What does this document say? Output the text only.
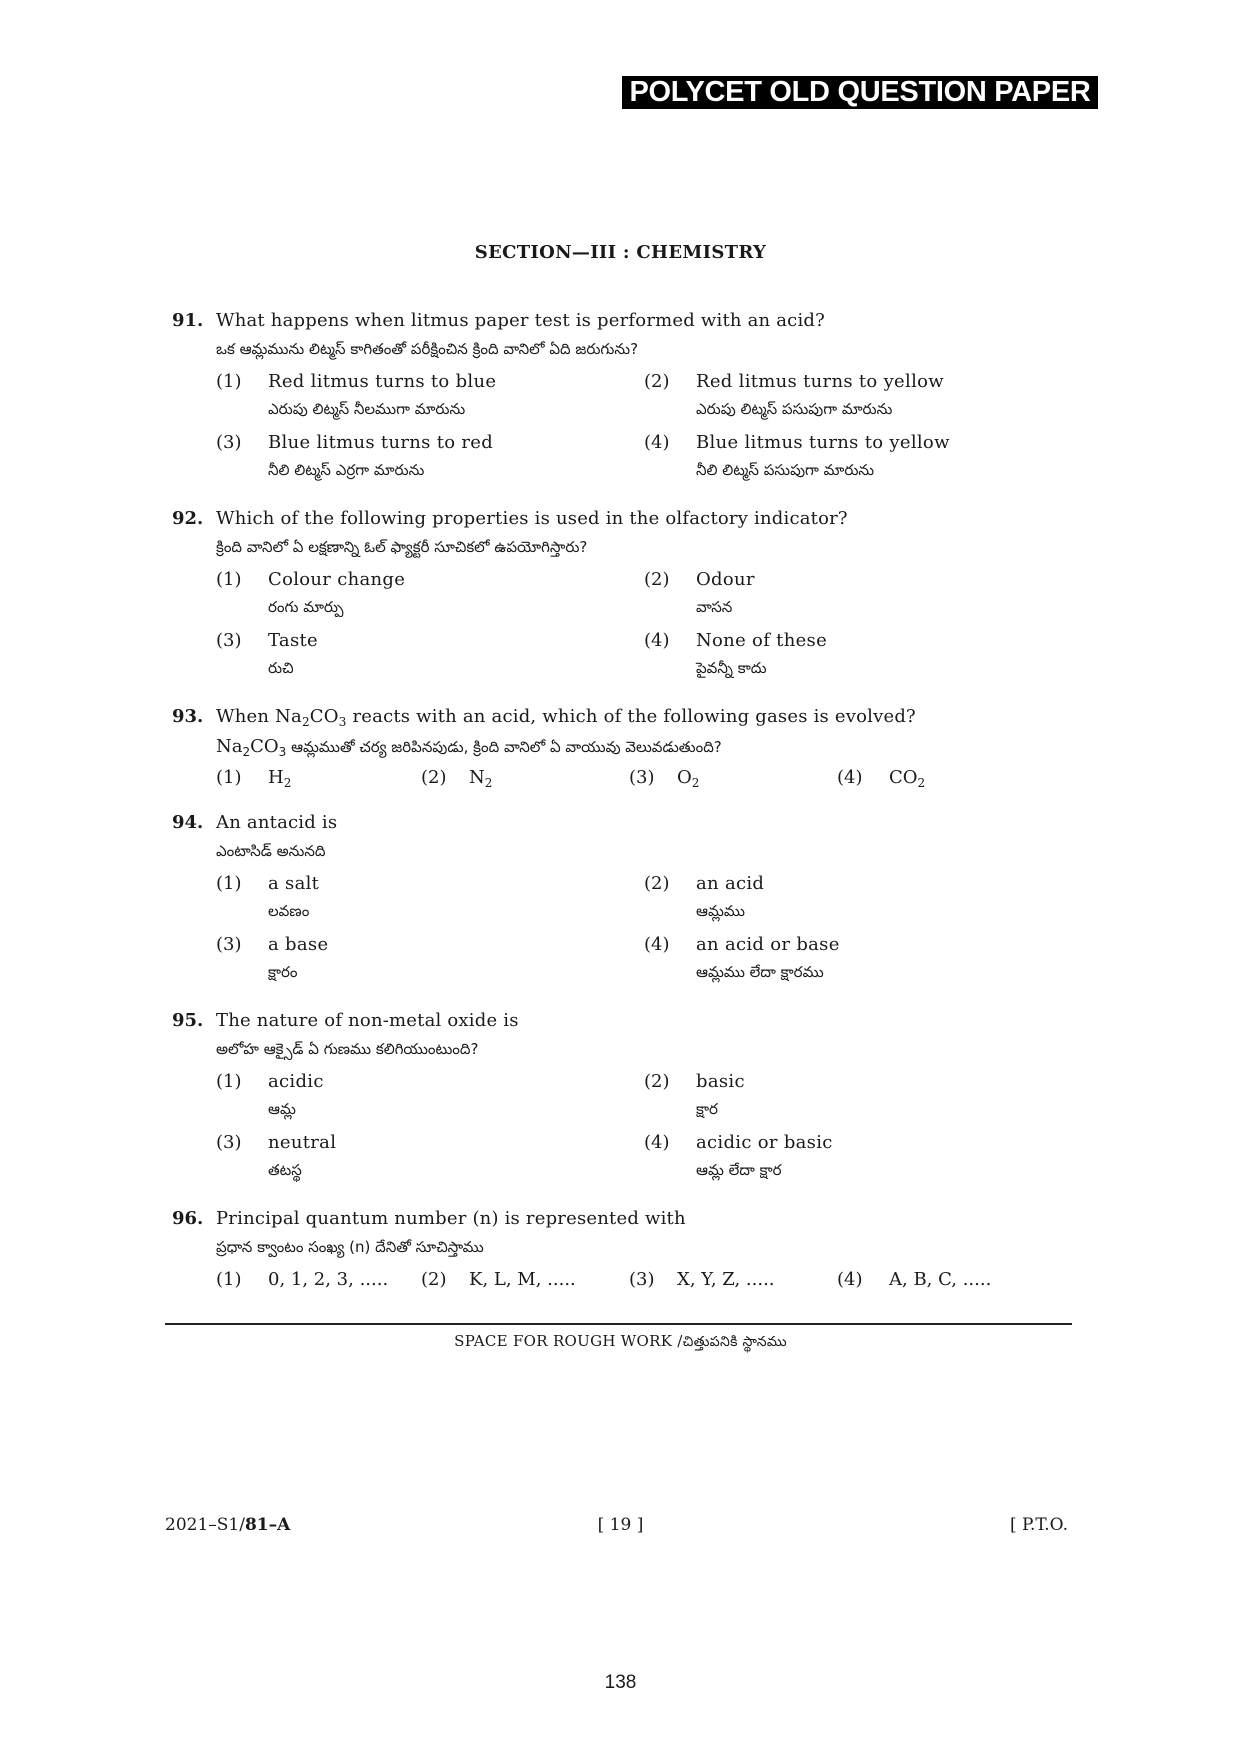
POLYCET OLD QUESTION PAPER
SECTION—III : CHEMISTRY
91. What happens when litmus paper test is performed with an acid?
ఒక ఆమ్లమును లిట్మస్ కాగితంతో పరీక్షించిన క్రింది వానిలో ఏది జరుగును?
(1) Red litmus turns to blue
ఎరుపు లిట్మస్ నీలముగా మారును
(2) Red litmus turns to yellow
ఎరుపు లిట్మస్ పసుపుగా మారును
(3) Blue litmus turns to red
నీలి లిట్మస్ ఎర్రగా మారును
(4) Blue litmus turns to yellow
నీలి లిట్మస్ పసుపుగా మారును
92. Which of the following properties is used in the olfactory indicator?
క్రింది వానిలో ఏ లక్షణాన్ని ఓల్ ఫ్యాక్టరీ సూచికలో ఉపయోగిస్తారు?
(1) Colour change
రంగు మార్పు
(2) Odour
వాసన
(3) Taste
రుచి
(4) None of these
పైవన్నీ కాదు
93. When $Na_2CO_3$ reacts with an acid, which of the following gases is evolved?
$Na_2CO_3$ ఆమ్లముతో చర్య జరిపినపుడు, క్రింది వానిలో ఏ వాయువు వెలువడుతుంది?
(1) $H_2$	(2) $N_2$	(3) $O_2$	(4) $CO_2$
94. An antacid is
ఎంటాసిడ్ అనునది
(1) a salt
లవణం
(2) an acid
ఆమ్లము
(3) a base
క్షారం
(4) an acid or base
ఆమ్లము లేదా క్షారము
95. The nature of non-metal oxide is
అలోహ ఆక్సైడ్ ఏ గుణము కలిగియుంటుంది?
(1) acidic
ఆమ్ల
(2) basic
క్షార
(3) neutral
తటస్థ
(4) acidic or basic
ఆమ్ల లేదా క్షార
96. Principal quantum number (n) is represented with
ప్రధాన క్వాంటం సంఖ్య (n) దేనితో సూచిస్తాము
(1) 0, 1, 2, 3, ..... (2) K, L, M, .....	(3) X, Y, Z, .....	(4) A, B, C, .....
SPACE FOR ROUGH WORK /చిత్తుపనికి స్థానము
2021–S1/81–A	[ 19 ]	[ P.T.O.
138
